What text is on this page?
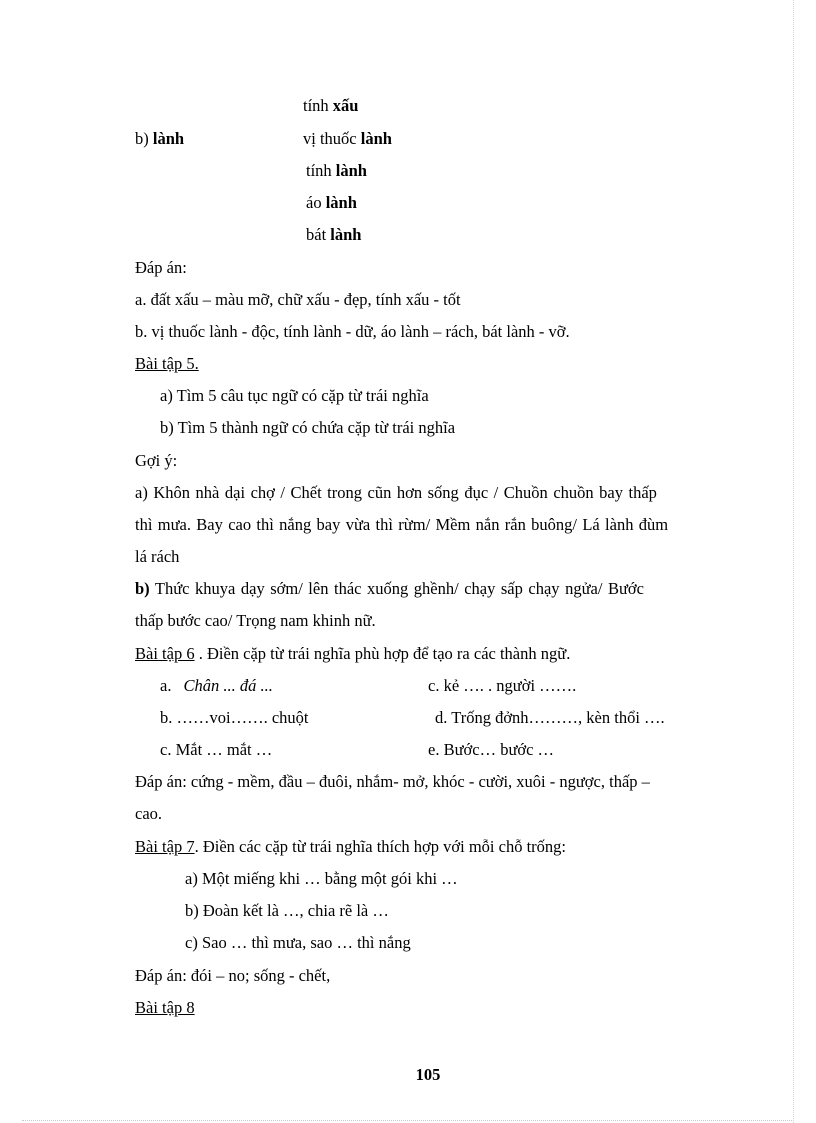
tính xấu
b) lành	vị thuốc lành
tính lành
áo lành
bát lành
Đáp án:
a. đất xấu – màu mỡ, chữ xấu - đẹp, tính xấu - tốt
b. vị thuốc lành - độc, tính lành - dữ, áo lành – rách, bát lành - vỡ.
Bài tập 5.
a) Tìm 5 câu tục ngữ có cặp từ trái nghĩa
b) Tìm 5 thành ngữ có chứa cặp từ trái nghĩa
Gợi ý:
a) Khôn nhà dại chợ / Chết trong cũn hơn sống đục / Chuồn chuồn bay thấp
thì mưa. Bay cao thì nắng bay vừa thì rừm/ Mềm nắn rắn buông/ Lá lành đùm
lá rách
b) Thức khuya dạy sớm/ lên thác xuống ghềnh/ chạy sấp chạy ngửa/ Bước
thấp bước cao/ Trọng nam khinh nữ.
Bài tập 6 . Điền cặp từ trái nghĩa phù hợp để tạo ra các thành ngữ.
a. Chân ... đá ...	c. kẻ …. . người …….
b. ……voi……. chuột	d. Trống đởnh………, kèn thổi ….
c. Mắt … mắt …	e. Bước… bước …
Đáp án: cứng - mềm, đầu – đuôi, nhắm- mở, khóc - cười, xuôi - ngược, thấp –
cao.
Bài tập 7. Điền các cặp từ trái nghĩa thích hợp với mỗi chỗ trống:
a) Một miếng khi … bằng một gói khi …
b) Đoàn kết là …, chia rẽ là …
c) Sao … thì mưa, sao … thì nắng
Đáp án: đói – no; sống - chết,
Bài tập 8
105
